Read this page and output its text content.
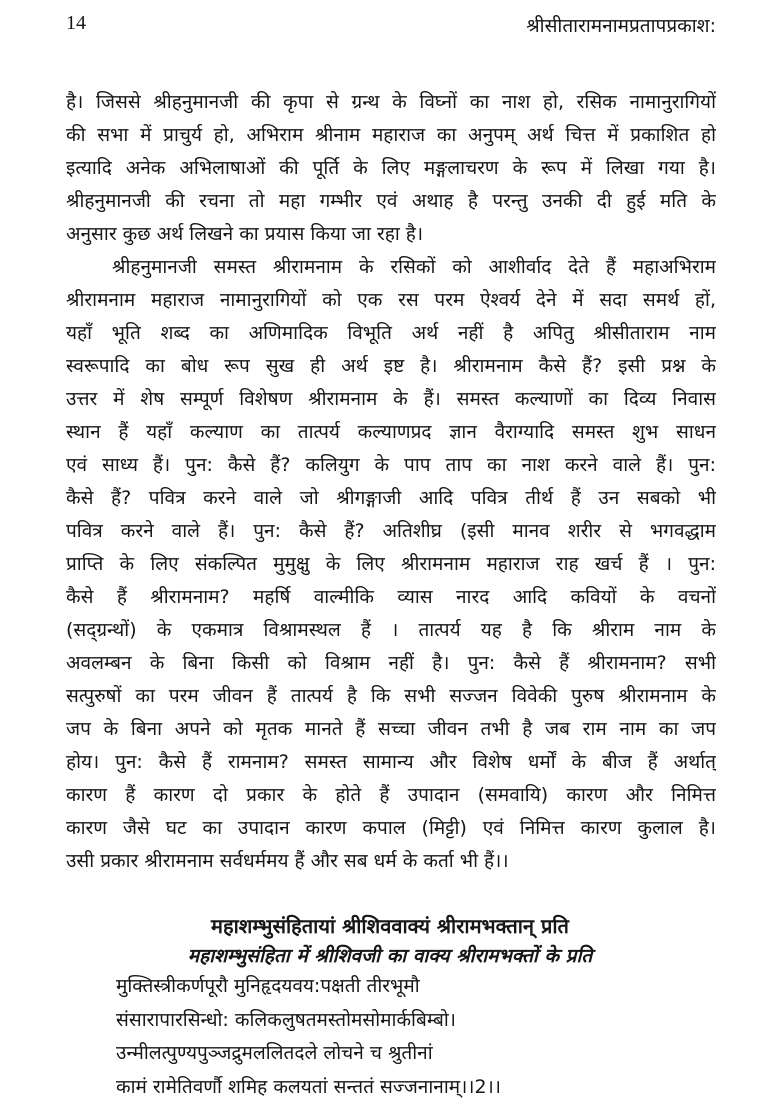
14	श्रीसीतारामनामप्रतापप्रकाश:
है। जिससे श्रीहनुमानजी की कृपा से ग्रन्थ के विघ्नों का नाश हो, रसिक नामानुरागियों
की सभा में प्राचुर्य हो, अभिराम श्रीनाम महाराज का अनुपम् अर्थ चित्त में प्रकाशित हो
इत्यादि अनेक अभिलाषाओं की पूर्ति के लिए मङ्गलाचरण के रूप में लिखा गया है।
श्रीहनुमानजी की रचना तो महा गम्भीर एवं अथाह है परन्तु उनकी दी हुई मति के
अनुसार कुछ अर्थ लिखने का प्रयास किया जा रहा है।
श्रीहनुमानजी समस्त श्रीरामनाम के रसिकों को आशीर्वाद देते हैं महाअभिराम
श्रीरामनाम महाराज नामानुरागियों को एक रस परम ऐश्वर्य देने में सदा समर्थ हों,
यहाँ भूति शब्द का अणिमादिक विभूति अर्थ नहीं है अपितु श्रीसीताराम नाम
स्वरूपादि का बोध रूप सुख ही अर्थ इष्ट है। श्रीरामनाम कैसे हैं? इसी प्रश्न के
उत्तर में शेष सम्पूर्ण विशेषण श्रीरामनाम के हैं। समस्त कल्याणों का दिव्य निवास
स्थान हैं यहाँ कल्याण का तात्पर्य कल्याणप्रद ज्ञान वैराग्यादि समस्त शुभ साधन
एवं साध्य हैं। पुन: कैसे हैं? कलियुग के पाप ताप का नाश करने वाले हैं। पुन:
कैसे हैं? पवित्र करने वाले जो श्रीगङ्गाजी आदि पवित्र तीर्थ हैं उन सबको भी
पवित्र करने वाले हैं। पुन: कैसे हैं? अतिशीघ्र (इसी मानव शरीर से भगवद्धाम
प्राप्ति के लिए संकल्पित मुमुक्षु के लिए श्रीरामनाम महाराज राह खर्च हैं । पुन:
कैसे हैं श्रीरामनाम? महर्षि वाल्मीकि व्यास नारद आदि कवियों के वचनों
(सद्ग्रन्थों) के एकमात्र विश्रामस्थल हैं । तात्पर्य यह है कि श्रीराम नाम के
अवलम्बन के बिना किसी को विश्राम नहीं है। पुन: कैसे हैं श्रीरामनाम? सभी
सत्पुरुषों का परम जीवन हैं तात्पर्य है कि सभी सज्जन विवेकी पुरुष श्रीरामनाम के
जप के बिना अपने को मृतक मानते हैं सच्चा जीवन तभी है जब राम नाम का जप
होय। पुन: कैसे हैं रामनाम? समस्त सामान्य और विशेष धर्मों के बीज हैं अर्थात्
कारण हैं कारण दो प्रकार के होते हैं उपादान (समवायि) कारण और निमित्त
कारण जैसे घट का उपादान कारण कपाल (मिट्टी) एवं निमित्त कारण कुलाल है।
उसी प्रकार श्रीरामनाम सर्वधर्ममय हैं और सब धर्म के कर्ता भी हैं।।
महाशम्भुसंहितायां श्रीशिववाक्यं श्रीरामभक्तान् प्रति
महाशम्भुसंहिता में श्रीशिवजी का वाक्य श्रीरामभक्तों के प्रति
मुक्तिस्त्रीकर्णपूरौ मुनिहृदयवय:पक्षती तीरभूमौ
संसारापारसिन्धो: कलिकलुषतमस्तोमसोमार्कबिम्बो।
उन्मीलत्पुण्यपुञ्जद्रुमललितदले लोचने च श्रुतीनां
कामं रामेतिवर्णौ शमिह कलयतां सन्ततं सज्जनानाम्।।2।।
